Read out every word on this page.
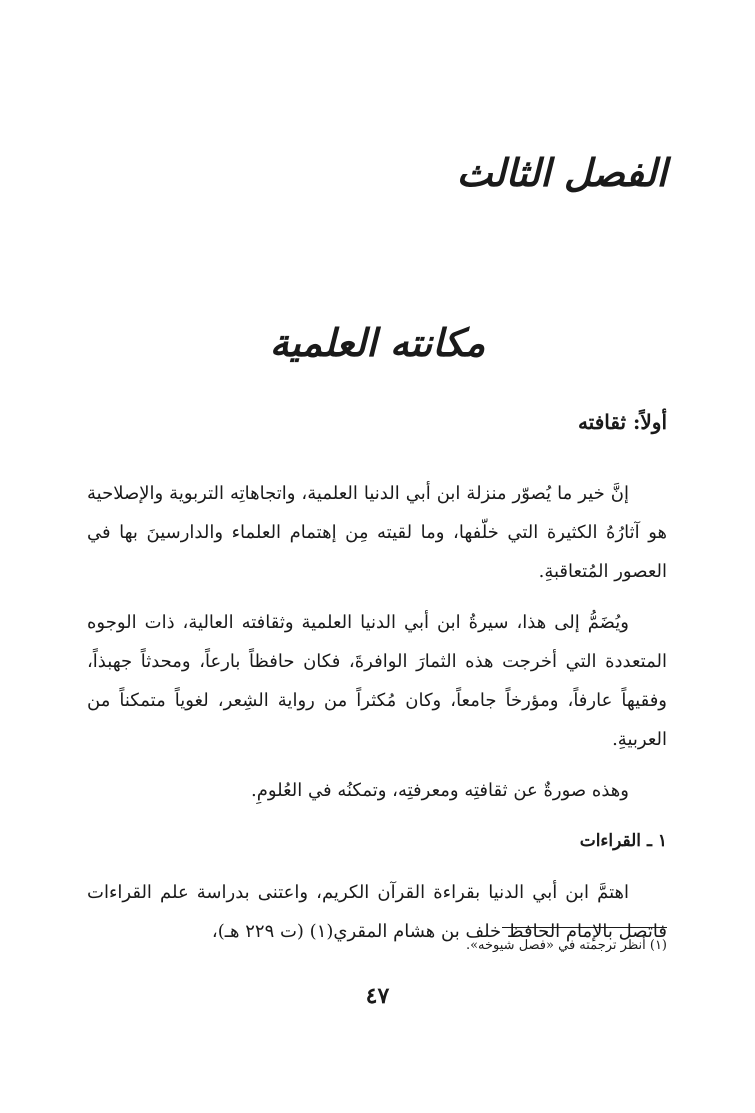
الفصل الثالث
مكانته العلمية
أولاً: ثقافته

إنَّ خير ما يُصوّر منزلة ابن أبي الدنيا العلمية، واتجاهاتِه التربوية والإصلاحية هو آثارُهُ الكثيرة التي خلّفها، وما لقيته مِن إهتمام العلماء والدارسينَ بها في العصور المُتعاقبةِ.

ويُضَمُّ إلى هذا، سيرةُ ابن أبي الدنيا العلمية وثقافته العالية، ذات الوجوه المتعددة التي أخرجت هذه الثمارَ الوافرةَ، فكان حافظاً بارعاً، ومحدثاً جهبذاً، وفقيهاً عارفاً، ومؤرخاً جامعاً، وكان مُكثراً من رواية الشِعر، لغوياً متمكناً من العربيةِ.

وهذه صورةٌ عن ثقافتِه ومعرفتِه، وتمكنُه في العُلومِ.

١ ـ القراءات

اهتمَّ ابن أبي الدنيا بقراءة القرآن الكريم، واعتنى بدراسة علم القراءات فاتصل بالإمام الحافظ خلف بن هشام المقري(١) (ت ٢٢٩ هـ)،

(١) أنظر ترجمته في «فصل شيوخه».
٤٧
